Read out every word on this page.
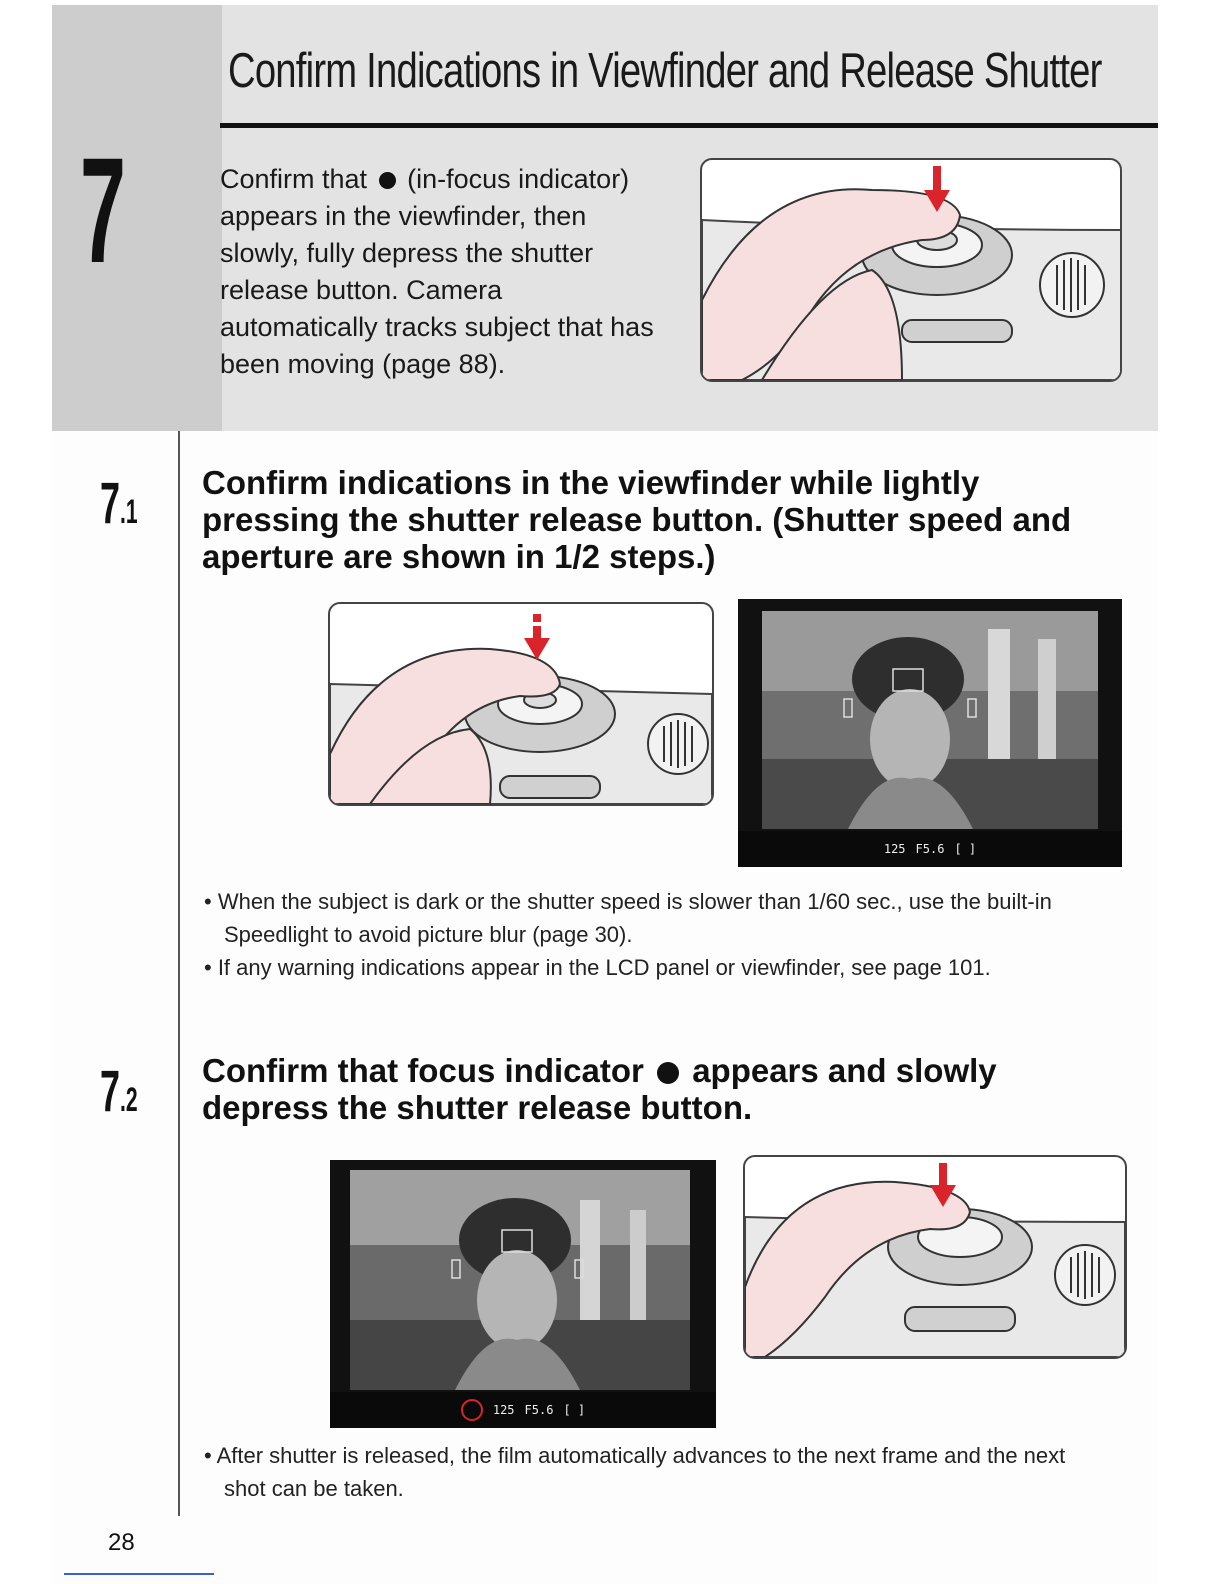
Confirm Indications in Viewfinder and Release Shutter
7	Confirm that (in-focus indicator) appears in the viewfinder, then slowly, fully depress the shutter release button. Camera automatically tracks subject that has been moving (page 88).
7.1
Confirm indications in the viewfinder while lightly pressing the shutter release button. (Shutter speed and aperture are shown in 1/2 steps.)
125 F5.6 [ ]
• When the subject is dark or the shutter speed is slower than 1/60 sec., use the built-in Speedlight to avoid picture blur (page 30).
• If any warning indications appear in the LCD panel or viewfinder, see page 101.
7.2
Confirm that focus indicator appears and slowly depress the shutter release button.
125 F5.6 [ ]
• After shutter is released, the film automatically advances to the next frame and the next shot can be taken.
28
